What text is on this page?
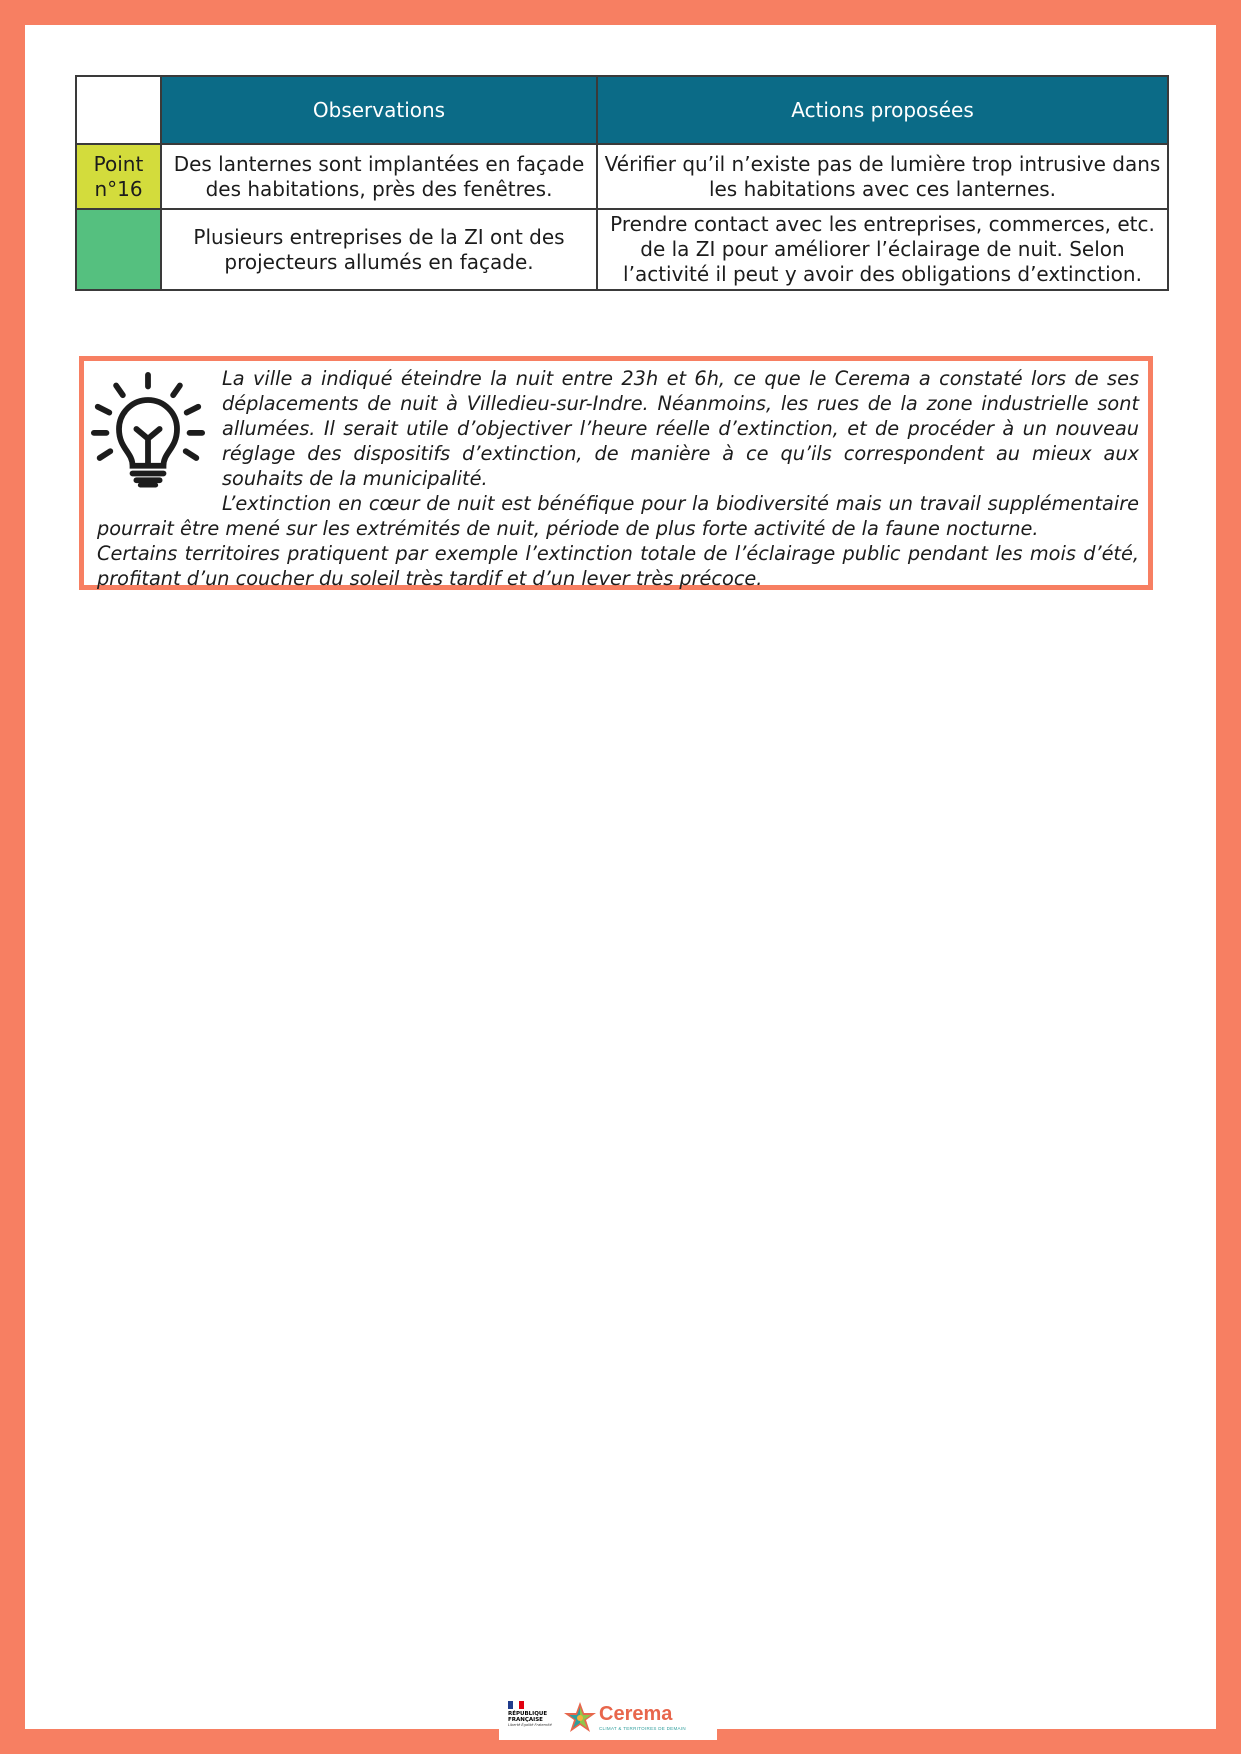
	Observations	Actions proposées
Point n°16	Des lanternes sont implantées en façade des habitations, près des fenêtres.	Vérifier qu’il n’existe pas de lumière trop intrusive dans les habitations avec ces lanternes.
	Plusieurs entreprises de la ZI ont des projecteurs allumés en façade.	Prendre contact avec les entreprises, commerces, etc. de la ZI pour améliorer l’éclairage de nuit. Selon l’activité il peut y avoir des obligations d’extinction.

La ville a indiqué éteindre la nuit entre 23h et 6h, ce que le Cerema a constaté lors de ses déplacements de nuit à Villedieu-sur-Indre. Néanmoins, les rues de la zone industrielle sont allumées. Il serait utile d’objectiver l’heure réelle d’extinction, et de procéder à un nouveau réglage des dispositifs d’extinction, de manière à ce qu’ils correspondent au mieux aux souhaits de la municipalité.

L’extinction en cœur de nuit est bénéfique pour la biodiversité mais un travail supplémentaire pourrait être mené sur les extrémités de nuit, période de plus forte activité de la faune nocturne.

Certains territoires pratiquent par exemple l’extinction totale de l’éclairage public pendant les mois d’été, profitant d’un coucher du soleil très tardif et d’un lever très précoce.

RÉPUBLIQUE
FRANÇAISE
Liberté Égalité Fraternité Cerema
CLIMAT & TERRITOIRES DE DEMAIN
